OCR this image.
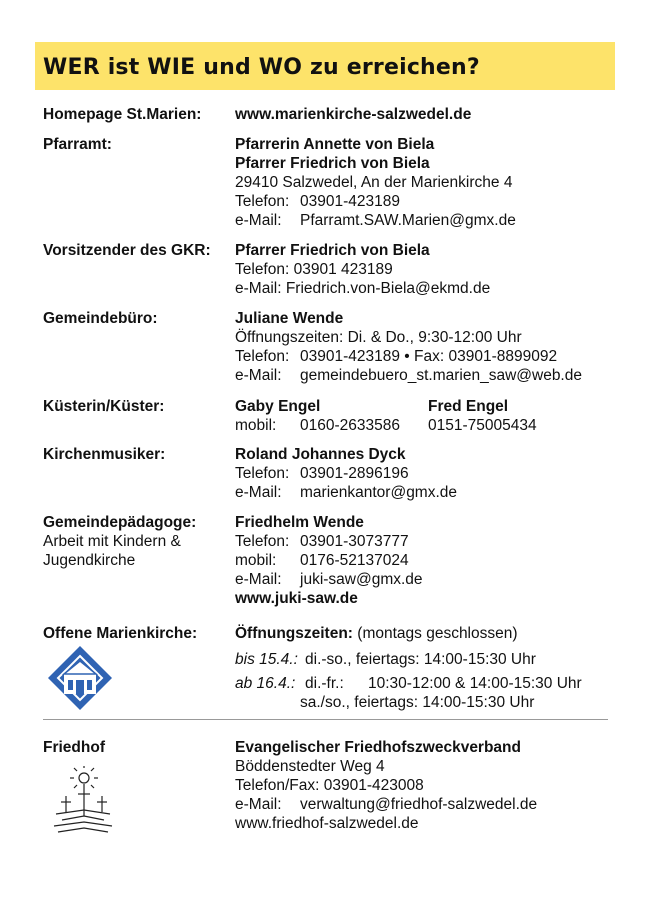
WER ist WIE und WO zu erreichen?
Homepage St.Marien: www.marienkirche-salzwedel.de
Pfarramt:	Pfarrerin Annette von Biela
Pfarrer Friedrich von Biela
29410 Salzwedel, An der Marienkirche 4
Telefon: 03901-423189
e-Mail: Pfarramt.SAW.Marien@gmx.de
Vorsitzender des GKR: Pfarrer Friedrich von Biela
Telefon: 03901 423189
e-Mail: Friedrich.von-Biela@ekmd.de
Gemeindebüro:	Juliane Wende
Öffnungszeiten: Di. & Do., 9:30-12:00 Uhr
Telefon: 03901-423189 • Fax: 03901-8899092
e-Mail: gemeindebuero_st.marien_saw@web.de
Küsterin/Küster:	Gaby Engel	Fred Engel
mobil: 0160-2633586 0151-75005434
Kirchenmusiker:	Roland Johannes Dyck
Telefon: 03901-2896196
e-Mail: marienkantor@gmx.de
Gemeindepädagoge:
Arbeit mit Kindern &
Jugendkirche
Friedhelm Wende
Telefon: 03901-3073777
mobil: 0176-52137024
e-Mail: juki-saw@gmx.de
www.juki-saw.de
Offene Marienkirche: Öffnungszeiten: (montags geschlossen)
bis 15.4.: di.-so., feiertags: 14:00-15:30 Uhr
ab 16.4.: di.-fr.: 10:30-12:00 & 14:00-15:30 Uhr
sa./so., feiertags: 14:00-15:30 Uhr
Friedhof	Evangelischer Friedhofszweckverband
Böddenstedter Weg 4
Telefon/Fax: 03901-423008
e-Mail: verwaltung@friedhof-salzwedel.de
www.friedhof-salzwedel.de
